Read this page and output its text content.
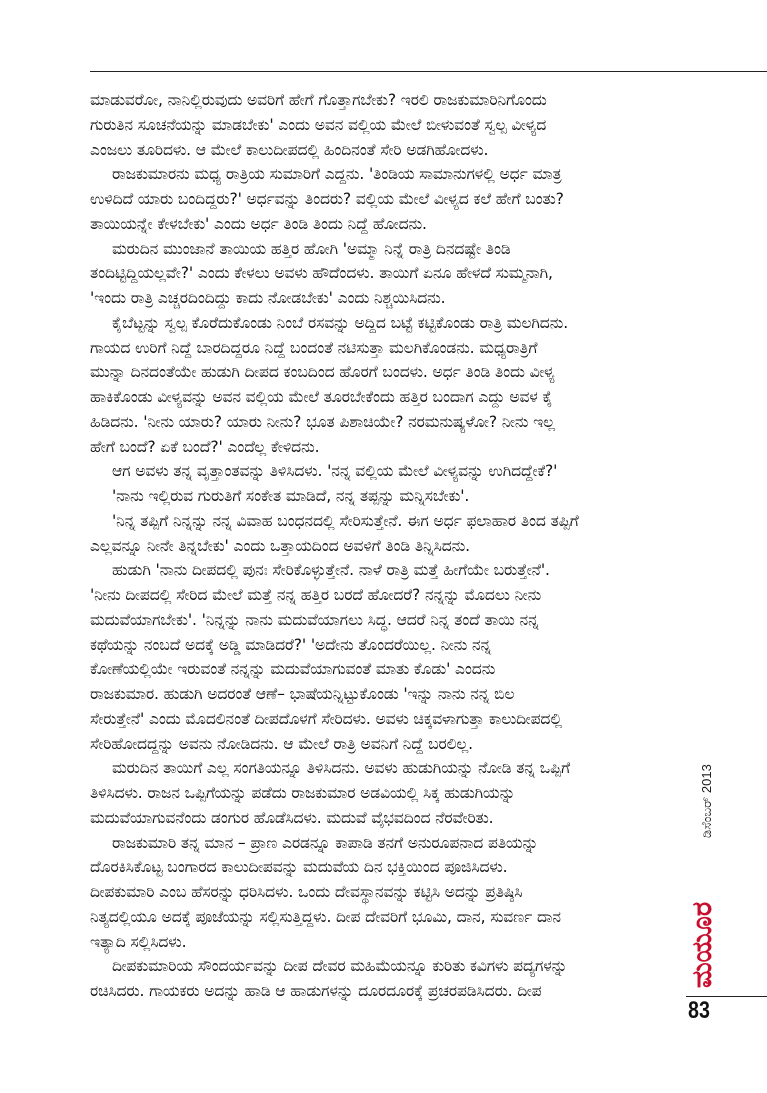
ಮಾಡುವರೋ, ನಾನಿಲ್ಲಿರುವುದು ಅವರಿಗೆ ಹೇಗೆ ಗೊತ್ತಾಗಬೇಕು? ಇರಲಿ ರಾಜಕುಮಾರಿನಿಗೊಂದು
ಗುರುತಿನ ಸೂಚನೆಯನ್ನು ಮಾಡಬೇಕು' ಎಂದು ಅವನ ವಲ್ಲಿಯ ಮೇಲೆ ಬೀಳುವಂತೆ ಸ್ವಲ್ಪ ವೀಳ್ಯದ
ಎಂಜಲು ತೂರಿದಳು. ಆ ಮೇಲೆ ಕಾಲುದೀಪದಲ್ಲಿ ಹಿಂದಿನಂತೆ ಸೇರಿ ಅಡಗಿಹೋದಳು.
ರಾಜಕುಮಾರನು ಮಧ್ಯ ರಾತ್ರಿಯ ಸುಮಾರಿಗೆ ಎದ್ದನು. 'ತಿಂಡಿಯ ಸಾಮಾನುಗಳಲ್ಲಿ ಅರ್ಧ ಮಾತ್ರ
ಉಳಿದಿದೆ ಯಾರು ಬಂದಿದ್ದರು?' ಅರ್ಧವನ್ನು ತಿಂದರು? ವಲ್ಲಿಯ ಮೇಲೆ ವೀಳ್ಯದ ಕಲೆ ಹೇಗೆ ಬಂತು?
ತಾಯಿಯನ್ನೇ ಕೇಳಬೇಕು' ಎಂದು ಅರ್ಧ ತಿಂಡಿ ತಿಂದು ನಿದ್ದೆ ಹೋದನು.
ಮರುದಿನ ಮುಂಜಾನೆ ತಾಯಿಯ ಹತ್ತಿರ ಹೋಗಿ 'ಅಮ್ಮಾ ನಿನ್ನೆ ರಾತ್ರಿ ದಿನದಷ್ಟೇ ತಿಂಡಿ
ತಂದಿಟ್ಟಿದ್ದಿಯಲ್ಲವೇ?' ಎಂದು ಕೇಳಲು ಅವಳು ಹೌದೆಂದಳು. ತಾಯಿಗೆ ಏನೂ ಹೇಳದೆ ಸುಮ್ಮನಾಗಿ,
'ಇಂದು ರಾತ್ರಿ ಎಚ್ಚರದಿಂದಿದ್ದು ಕಾದು ನೋಡಬೇಕು' ಎಂದು ನಿಶ್ಚಯಿಸಿದನು.
ಕೈಬೆಟ್ಟನ್ನು ಸ್ವಲ್ಪ ಕೊರೆದುಕೊಂಡು ನಿಂಬೆ ರಸವನ್ನು ಅದ್ದಿದ ಬಟ್ಟೆ ಕಟ್ಟಿಕೊಂಡು ರಾತ್ರಿ ಮಲಗಿದನು.
ಗಾಯದ ಉರಿಗೆ ನಿದ್ದೆ ಬಾರದಿದ್ದರೂ ನಿದ್ದೆ ಬಂದಂತೆ ನಟಿಸುತ್ತಾ ಮಲಗಿಕೊಂಡನು. ಮಧ್ಯರಾತ್ರಿಗೆ
ಮುನ್ನಾ ದಿನದಂತೆಯೇ ಹುಡುಗಿ ದೀಪದ ಕಂಬದಿಂದ ಹೊರಗೆ ಬಂದಳು. ಅರ್ಧ ತಿಂಡಿ ತಿಂದು ವೀಳ್ಯ
ಹಾಕಿಕೊಂಡು ವೀಳ್ಯವನ್ನು ಅವನ ವಲ್ಲಿಯ ಮೇಲೆ ತೂರಬೇಕೆಂದು ಹತ್ತಿರ ಬಂದಾಗ ಎದ್ದು ಅವಳ ಕೈ
ಹಿಡಿದನು. 'ನೀನು ಯಾರು? ಯಾರು ನೀನು? ಭೂತ ಪಿಶಾಚಿಯೇ? ನರಮನುಷ್ಯಳೋ? ನೀನು ಇಲ್ಲ
ಹೇಗೆ ಬಂದೆ? ಏಕೆ ಬಂದೆ?' ಎಂದೆಲ್ಲ ಕೇಳಿದನು.
ಆಗ ಅವಳು ತನ್ನ ವೃತ್ತಾಂತವನ್ನು ತಿಳಿಸಿದಳು. 'ನನ್ನ ವಲ್ಲಿಯ ಮೇಲೆ ವೀಳ್ಯವನ್ನು ಉಗಿದದ್ದೇಕೆ?'
'ನಾನು ಇಲ್ಲಿರುವ ಗುರುತಿಗೆ ಸಂಕೇತ ಮಾಡಿದೆ, ನನ್ನ ತಪ್ಪನ್ನು ಮನ್ನಿಸಬೇಕು'.
'ನಿನ್ನ ತಪ್ಪಿಗೆ ನಿನ್ನನ್ನು ನನ್ನ ವಿವಾಹ ಬಂಧನದಲ್ಲಿ ಸೇರಿಸುತ್ತೇನೆ. ಈಗ ಅರ್ಧ ಫಲಾಹಾರ ತಿಂದ ತಪ್ಪಿಗೆ
ಎಲ್ಲವನ್ನೂ ನೀನೇ ತಿನ್ನಬೇಕು' ಎಂದು ಒತ್ತಾಯದಿಂದ ಅವಳಿಗೆ ತಿಂಡಿ ತಿನ್ನಿಸಿದನು.
ಹುಡುಗಿ 'ನಾನು ದೀಪದಲ್ಲಿ ಪುನಃ ಸೇರಿಕೊಳ್ಳುತ್ತೇನೆ. ನಾಳೆ ರಾತ್ರಿ ಮತ್ತೆ ಹೀಗೆಯೇ ಬರುತ್ತೇನೆ'.
'ನೀನು ದೀಪದಲ್ಲಿ ಸೇರಿದ ಮೇಲೆ ಮತ್ತೆ ನನ್ನ ಹತ್ತಿರ ಬರದೆ ಹೋದರೆ? ನನ್ನನ್ನು ಮೊದಲು ನೀನು
ಮದುವೆಯಾಗಬೇಕು'. 'ನಿನ್ನನ್ನು ನಾನು ಮದುವೆಯಾಗಲು ಸಿದ್ಧ. ಆದರೆ ನಿನ್ನ ತಂದೆ ತಾಯಿ ನನ್ನ
ಕಥೆಯನ್ನು ನಂಬದೆ ಅದಕ್ಕೆ ಅಡ್ಡಿ ಮಾಡಿದರೆ?' 'ಅದೇನು ತೊಂದರೆಯಿಲ್ಲ. ನೀನು ನನ್ನ
ಕೋಣೆಯಲ್ಲಿಯೇ ಇರುವಂತೆ ನನ್ನನ್ನು ಮದುವೆಯಾಗುವಂತೆ ಮಾತು ಕೊಡು' ಎಂದನು
ರಾಜಕುಮಾರ. ಹುಡುಗಿ ಅದರಂತೆ ಆಣೆ– ಭಾಷೆಯನ್ನಿಟ್ಟುಕೊಂಡು 'ಇನ್ನು ನಾನು ನನ್ನ ಬಿಲ
ಸೇರುತ್ತೇನೆ' ಎಂದು ಮೊದಲಿನಂತೆ ದೀಪದೊಳಗೆ ಸೇರಿದಳು. ಅವಳು ಚಿಕ್ಕವಳಾಗುತ್ತಾ ಕಾಲುದೀಪದಲ್ಲಿ
ಸೇರಿಹೋದದ್ದನ್ನು ಅವನು ನೋಡಿದನು. ಆ ಮೇಲೆ ರಾತ್ರಿ ಅವನಿಗೆ ನಿದ್ದೆ ಬರಲಿಲ್ಲ.
ಮರುದಿನ ತಾಯಿಗೆ ಎಲ್ಲ ಸಂಗತಿಯನ್ನೂ ತಿಳಿಸಿದನು. ಅವಳು ಹುಡುಗಿಯನ್ನು ನೋಡಿ ತನ್ನ ಒಪ್ಪಿಗೆ
ತಿಳಿಸಿದಳು. ರಾಜನ ಒಪ್ಪಿಗೆಯನ್ನು ಪಡೆದು ರಾಜಕುಮಾರ ಅಡವಿಯಲ್ಲಿ ಸಿಕ್ಕ ಹುಡುಗಿಯನ್ನು
ಮದುವೆಯಾಗುವನೆಂದು ಡಂಗುರ ಹೊಡೆಸಿದಳು. ಮದುವೆ ವೈಭವದಿಂದ ನೆರವೇರಿತು.
ರಾಜಕುಮಾರಿ ತನ್ನ ಮಾನ – ಪ್ರಾಣ ಎರಡನ್ನೂ ಕಾಪಾಡಿ ತನಗೆ ಅನುರೂಪನಾದ ಪತಿಯನ್ನು
ದೊರಕಿಸಿಕೊಟ್ಟ ಬಂಗಾರದ ಕಾಲುದೀಪವನ್ನು ಮದುವೆಯ ದಿನ ಭಕ್ತಿಯಿಂದ ಪೂಜಿಸಿದಳು.
ದೀಪಕುಮಾರಿ ಎಂಬ ಹೆಸರನ್ನು ಧರಿಸಿದಳು. ಒಂದು ದೇವಸ್ಥಾನವನ್ನು ಕಟ್ಟಿಸಿ ಅದನ್ನು ಪ್ರತಿಷ್ಠಿಸಿ
ನಿತ್ಯದಲ್ಲಿಯೂ ಅದಕ್ಕೆ ಪೂಜೆಯನ್ನು ಸಲ್ಲಿಸುತ್ತಿದ್ದಳು. ದೀಪ ದೇವರಿಗೆ ಭೂಮಿ, ದಾನ, ಸುವರ್ಣ ದಾನ
ಇತ್ಯಾದಿ ಸಲ್ಲಿಸಿದಳು.
ದೀಪಕುಮಾರಿಯ ಸೌಂದರ್ಯವನ್ನು ದೀಪ ದೇವರ ಮಹಿಮೆಯನ್ನೂ ಕುರಿತು ಕವಿಗಳು ಪದ್ಯಗಳನ್ನು
ರಚಿಸಿದರು. ಗಾಯಕರು ಅದನ್ನು ಹಾಡಿ ಆ ಹಾಡುಗಳನ್ನು ದೂರದೂರಕ್ಕೆ ಪ್ರಚರಪಡಿಸಿದರು. ದೀಪ
ಮಯೂರ
ಡಿಸೆಂಬರ್ 2013
83
